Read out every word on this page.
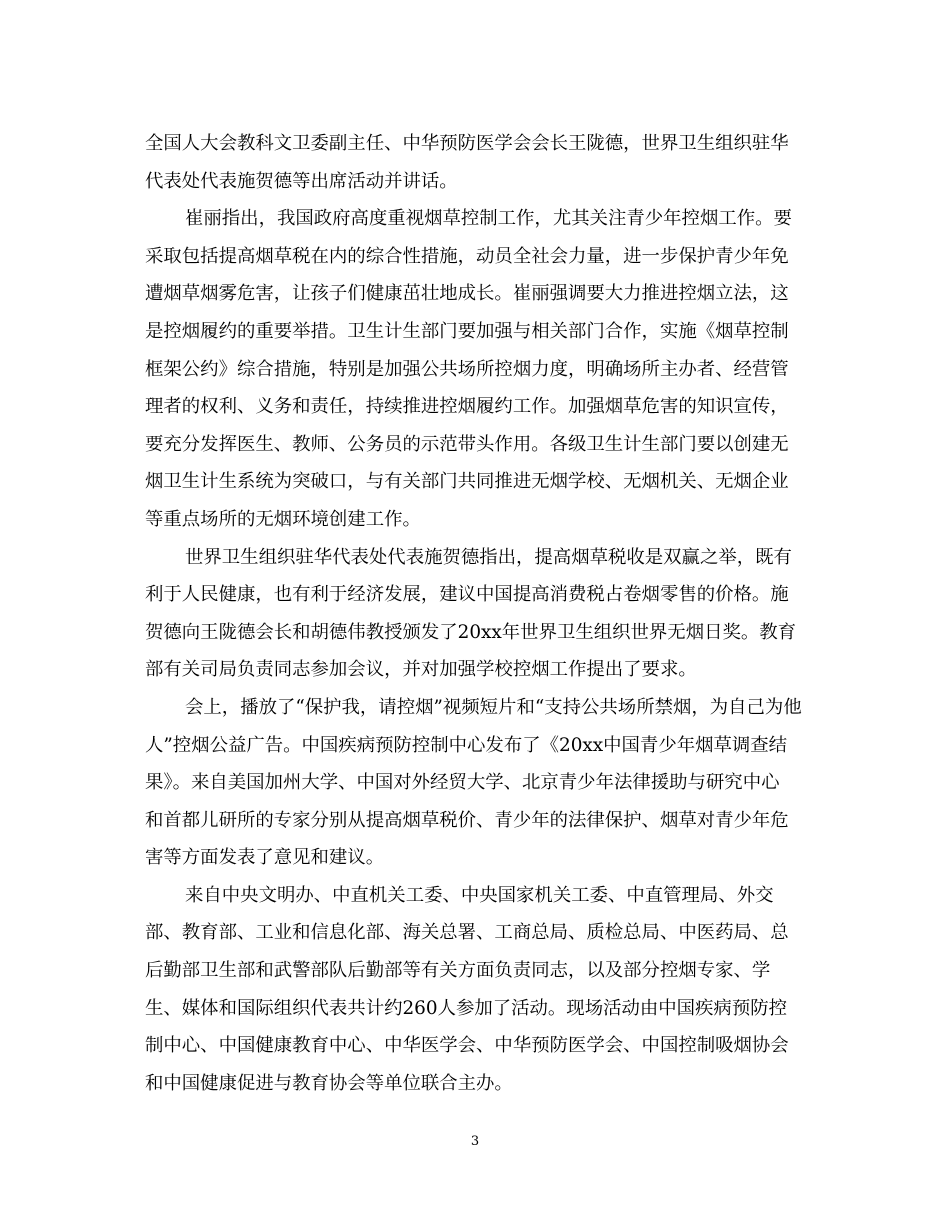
全国人大会教科文卫委副主任、中华预防医学会会长王陇德，世界卫生组织驻华
代表处代表施贺德等出席活动并讲话。
崔丽指出，我国政府高度重视烟草控制工作，尤其关注青少年控烟工作。要
采取包括提高烟草税在内的综合性措施，动员全社会力量，进一步保护青少年免
遭烟草烟雾危害，让孩子们健康茁壮地成长。崔丽强调要大力推进控烟立法，这
是控烟履约的重要举措。卫生计生部门要加强与相关部门合作，实施《烟草控制
框架公约》综合措施，特别是加强公共场所控烟力度，明确场所主办者、经营管
理者的权利、义务和责任，持续推进控烟履约工作。加强烟草危害的知识宣传，
要充分发挥医生、教师、公务员的示范带头作用。各级卫生计生部门要以创建无
烟卫生计生系统为突破口，与有关部门共同推进无烟学校、无烟机关、无烟企业
等重点场所的无烟环境创建工作。
世界卫生组织驻华代表处代表施贺德指出，提高烟草税收是双赢之举，既有
利于人民健康，也有利于经济发展，建议中国提高消费税占卷烟零售的价格。施
贺德向王陇德会长和胡德伟教授颁发了20xx年世界卫生组织世界无烟日奖。教育
部有关司局负责同志参加会议，并对加强学校控烟工作提出了要求。
会上，播放了“保护我，请控烟”视频短片和“支持公共场所禁烟，为自己为他
人”控烟公益广告。中国疾病预防控制中心发布了《20xx中国青少年烟草调查结
果》。来自美国加州大学、中国对外经贸大学、北京青少年法律援助与研究中心
和首都儿研所的专家分别从提高烟草税价、青少年的法律保护、烟草对青少年危
害等方面发表了意见和建议。
来自中央文明办、中直机关工委、中央国家机关工委、中直管理局、外交
部、教育部、工业和信息化部、海关总署、工商总局、质检总局、中医药局、总
后勤部卫生部和武警部队后勤部等有关方面负责同志，以及部分控烟专家、学
生、媒体和国际组织代表共计约260人参加了活动。现场活动由中国疾病预防控
制中心、中国健康教育中心、中华医学会、中华预防医学会、中国控制吸烟协会
和中国健康促进与教育协会等单位联合主办。
3
